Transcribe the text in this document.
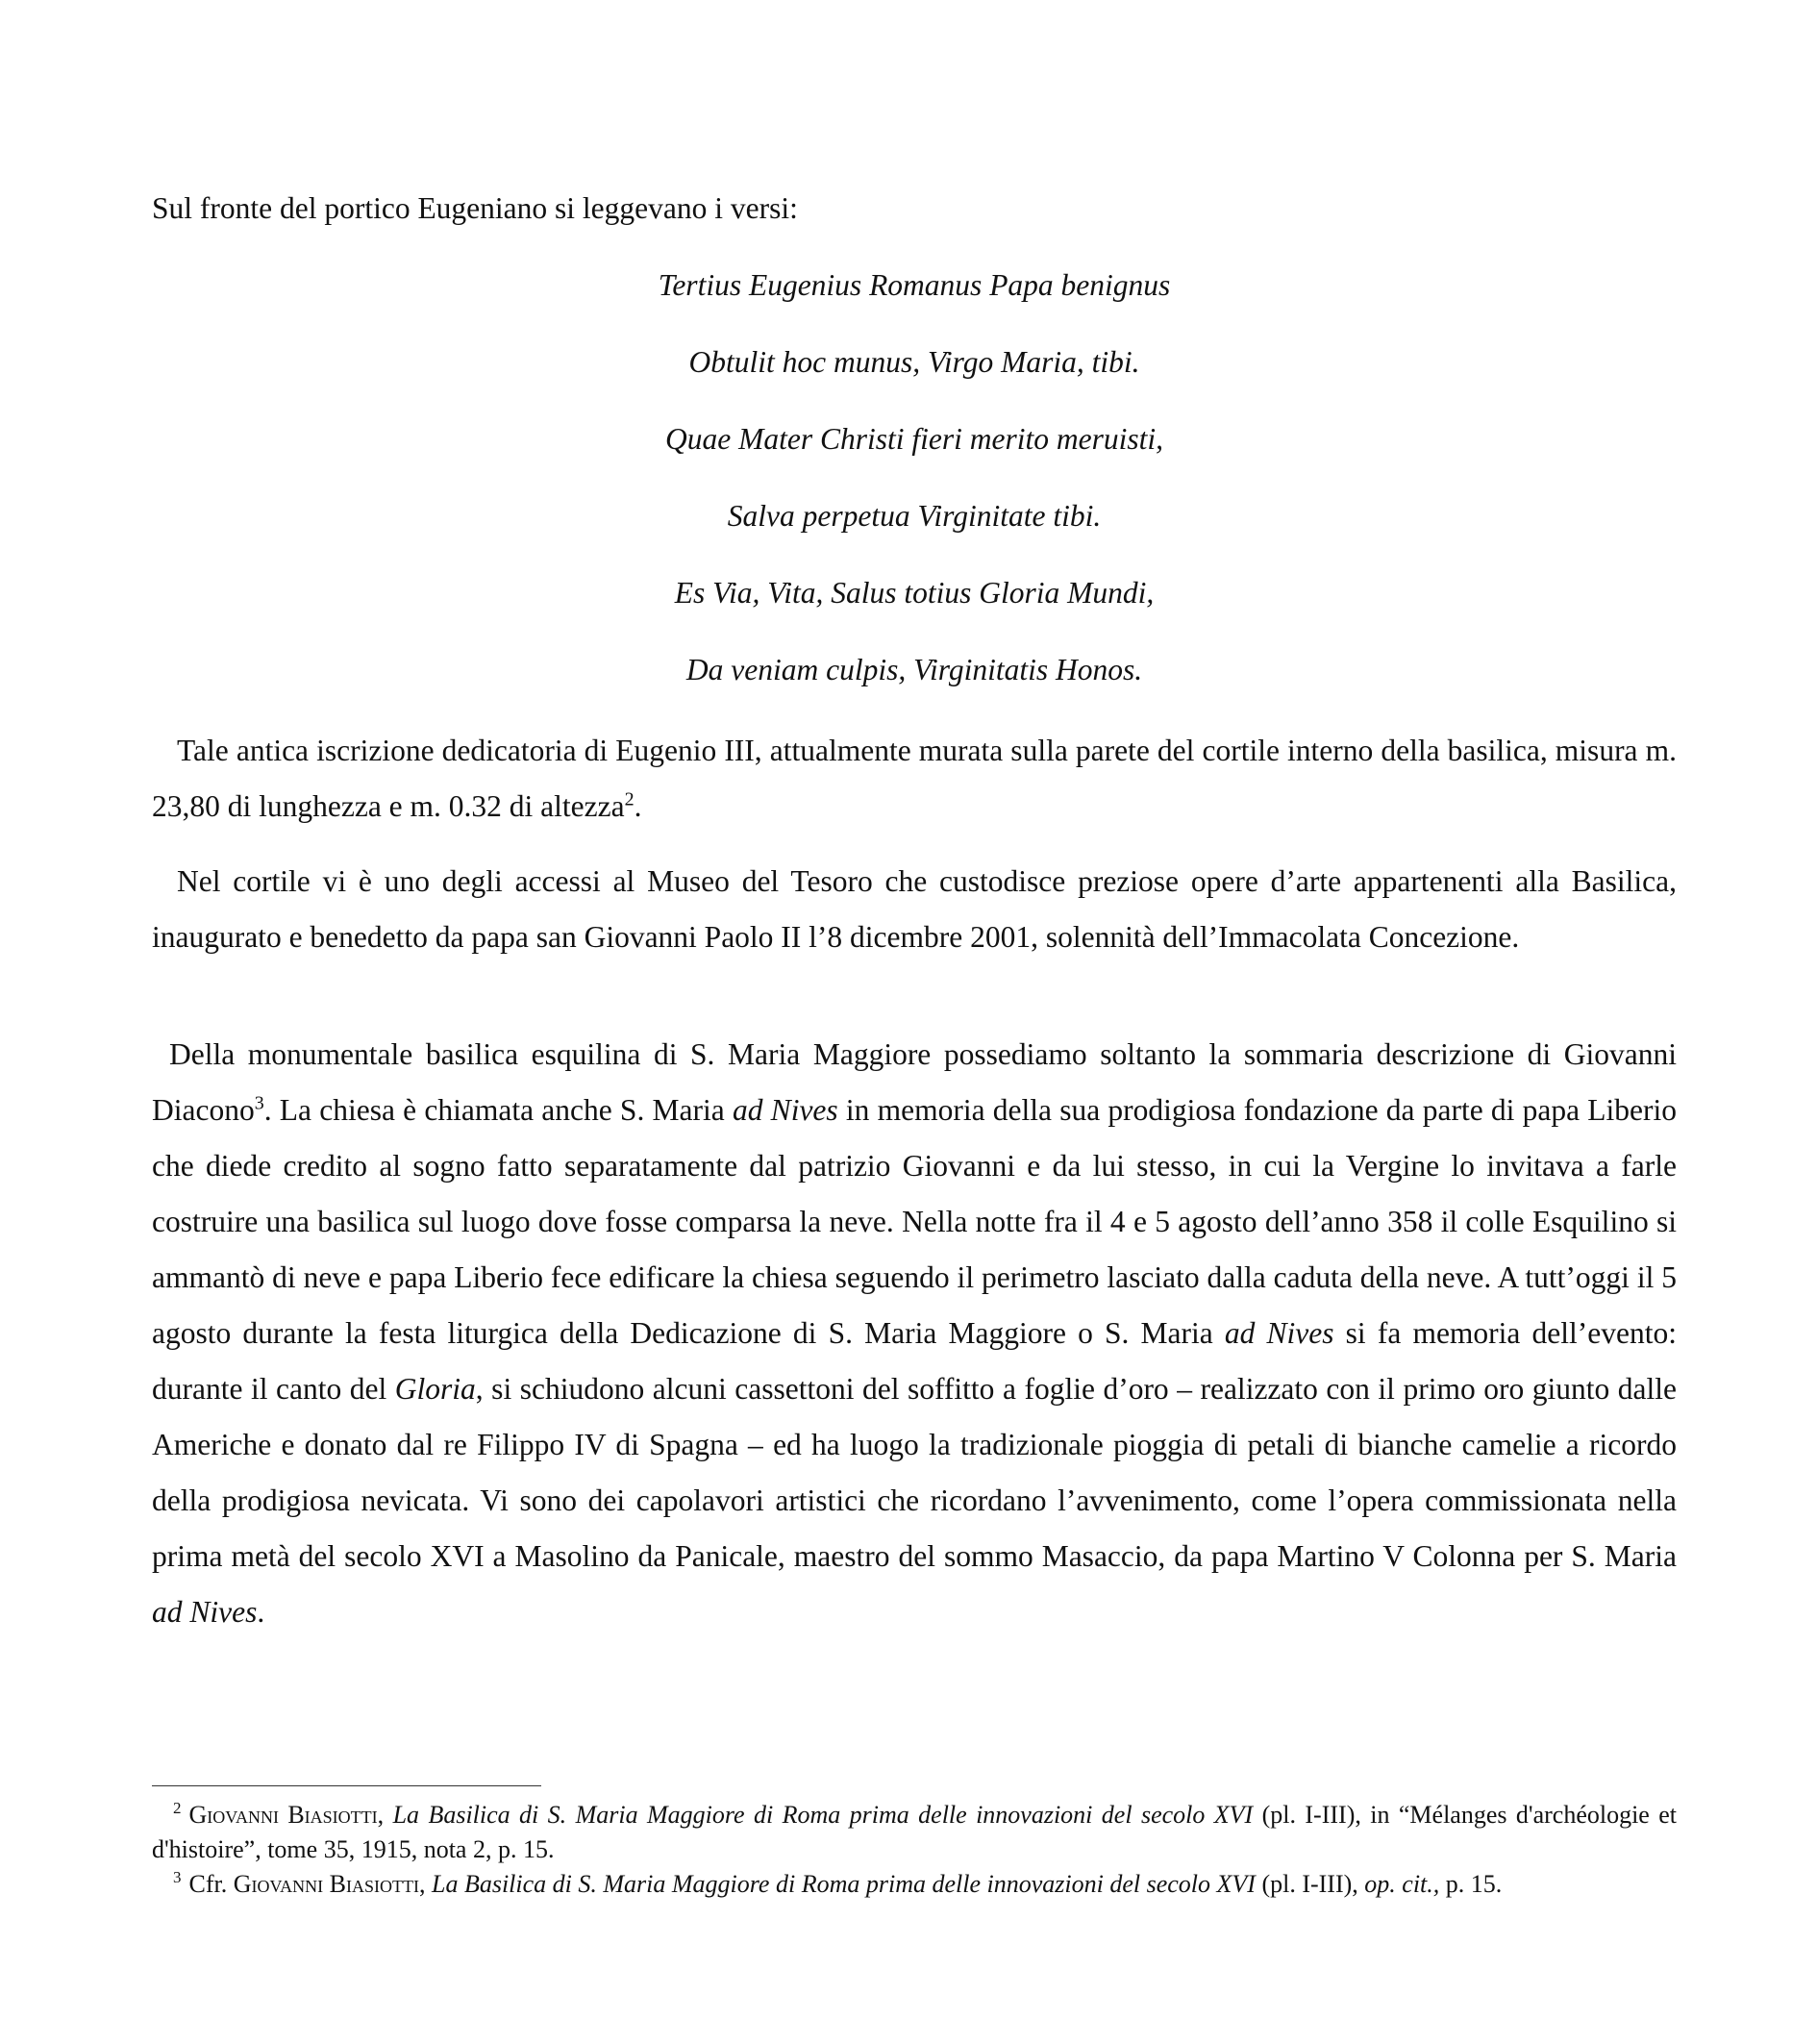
Sul fronte del portico Eugeniano si leggevano i versi:

Tertius Eugenius Romanus Papa benignus
Obtulit hoc munus, Virgo Maria, tibi.
Quae Mater Christi fieri merito meruisti,
Salva perpetua Virginitate tibi.
Es Via, Vita, Salus totius Gloria Mundi,
Da veniam culpis, Virginitatis Honos.

Tale antica iscrizione dedicatoria di Eugenio III, attualmente murata sulla parete del cortile interno della basilica, misura m. 23,80 di lunghezza e m. 0.32 di altezza$^2$.

Nel cortile vi è uno degli accessi al Museo del Tesoro che custodisce preziose opere d’arte appartenenti alla Basilica, inaugurato e benedetto da papa san Giovanni Paolo II l’8 dicembre 2001, solennità dell’Immacolata Concezione.

Della monumentale basilica esquilina di S. Maria Maggiore possediamo soltanto la sommaria descrizione di Giovanni Diacono$^3$. La chiesa è chiamata anche S. Maria ad Nives in memoria della sua prodigiosa fondazione da parte di papa Liberio che diede credito al sogno fatto separatamente dal patrizio Giovanni e da lui stesso, in cui la Vergine lo invitava a farle costruire una basilica sul luogo dove fosse comparsa la neve. Nella notte fra il 4 e 5 agosto dell’anno 358 il colle Esquilino si ammantò di neve e papa Liberio fece edificare la chiesa seguendo il perimetro lasciato dalla caduta della neve. A tutt’oggi il 5 agosto durante la festa liturgica della Dedicazione di S. Maria Maggiore o S. Maria ad Nives si fa memoria dell’evento: durante il canto del Gloria, si schiudono alcuni cassettoni del soffitto a foglie d’oro – realizzato con il primo oro giunto dalle Americhe e donato dal re Filippo IV di Spagna – ed ha luogo la tradizionale pioggia di petali di bianche camelie a ricordo della prodigiosa nevicata. Vi sono dei capolavori artistici che ricordano l’avvenimento, come l’opera commissionata nella prima metà del secolo XVI a Masolino da Panicale, maestro del sommo Masaccio, da papa Martino V Colonna per S. Maria ad Nives.

$^2$ Giovanni Biasiotti, La Basilica di S. Maria Maggiore di Roma prima delle innovazioni del secolo XVI (pl. I-III), in “Mélanges d'archéologie et d'histoire”, tome 35, 1915, nota 2, p. 15.

$^3$ Cfr. Giovanni Biasiotti, La Basilica di S. Maria Maggiore di Roma prima delle innovazioni del secolo XVI (pl. I-III), op. cit., p. 15.
